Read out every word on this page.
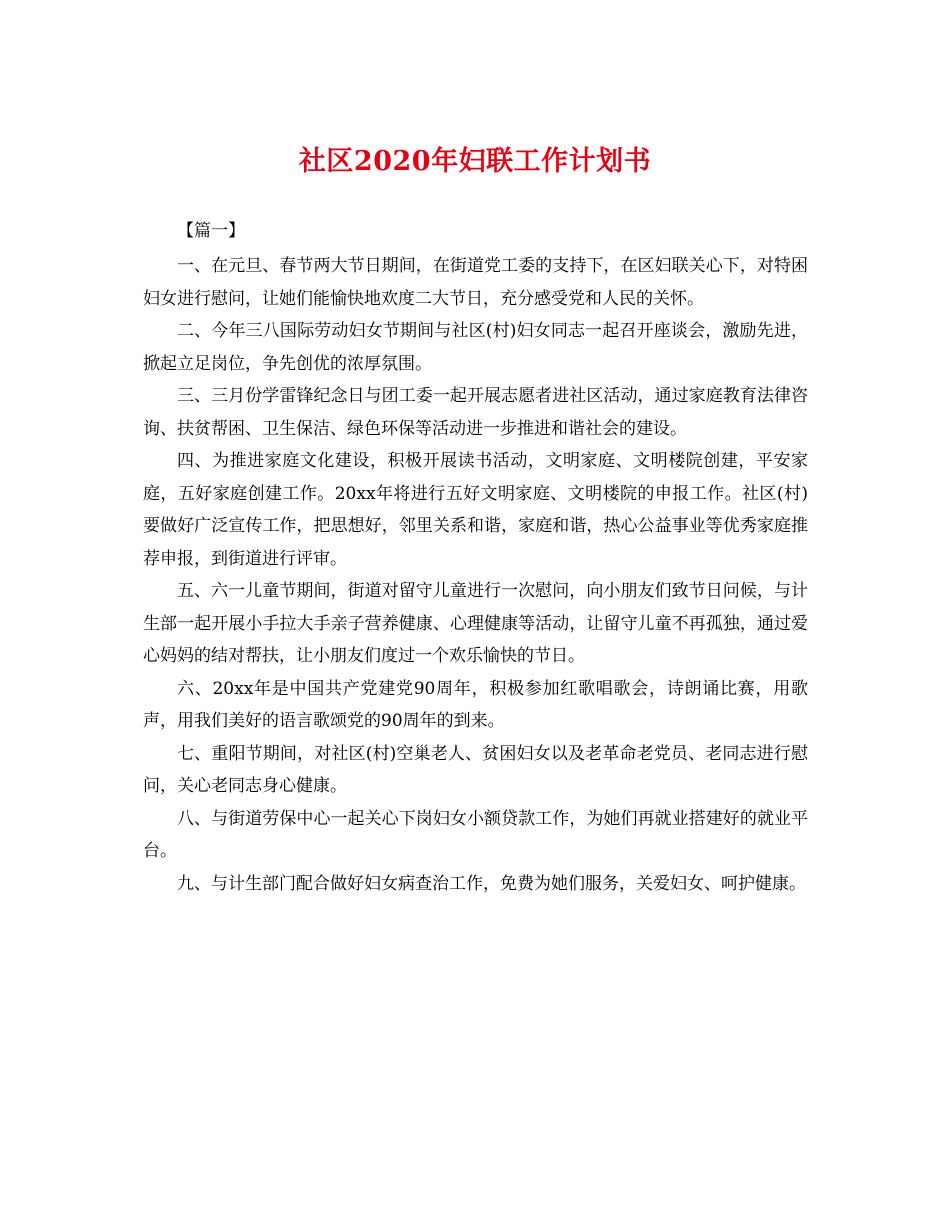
社区2020年妇联工作计划书

【篇一】

一、在元旦、春节两大节日期间，在街道党工委的支持下，在区妇联关心下，对特困妇女进行慰问，让她们能愉快地欢度二大节日，充分感受党和人民的关怀。

二、今年三八国际劳动妇女节期间与社区(村)妇女同志一起召开座谈会，激励先进，掀起立足岗位，争先创优的浓厚氛围。

三、三月份学雷锋纪念日与团工委一起开展志愿者进社区活动，通过家庭教育法律咨询、扶贫帮困、卫生保洁、绿色环保等活动进一步推进和谐社会的建设。

四、为推进家庭文化建设，积极开展读书活动，文明家庭、文明楼院创建，平安家庭，五好家庭创建工作。20xx年将进行五好文明家庭、文明楼院的申报工作。社区(村)要做好广泛宣传工作，把思想好，邻里关系和谐，家庭和谐，热心公益事业等优秀家庭推荐申报，到街道进行评审。

五、六一儿童节期间，街道对留守儿童进行一次慰问，向小朋友们致节日问候，与计生部一起开展小手拉大手亲子营养健康、心理健康等活动，让留守儿童不再孤独，通过爱心妈妈的结对帮扶，让小朋友们度过一个欢乐愉快的节日。

六、20xx年是中国共产党建党90周年，积极参加红歌唱歌会，诗朗诵比赛，用歌声，用我们美好的语言歌颂党的90周年的到来。

七、重阳节期间，对社区(村)空巢老人、贫困妇女以及老革命老党员、老同志进行慰问，关心老同志身心健康。

八、与街道劳保中心一起关心下岗妇女小额贷款工作，为她们再就业搭建好的就业平台。

九、与计生部门配合做好妇女病查治工作，免费为她们服务，关爱妇女、呵护健康。
